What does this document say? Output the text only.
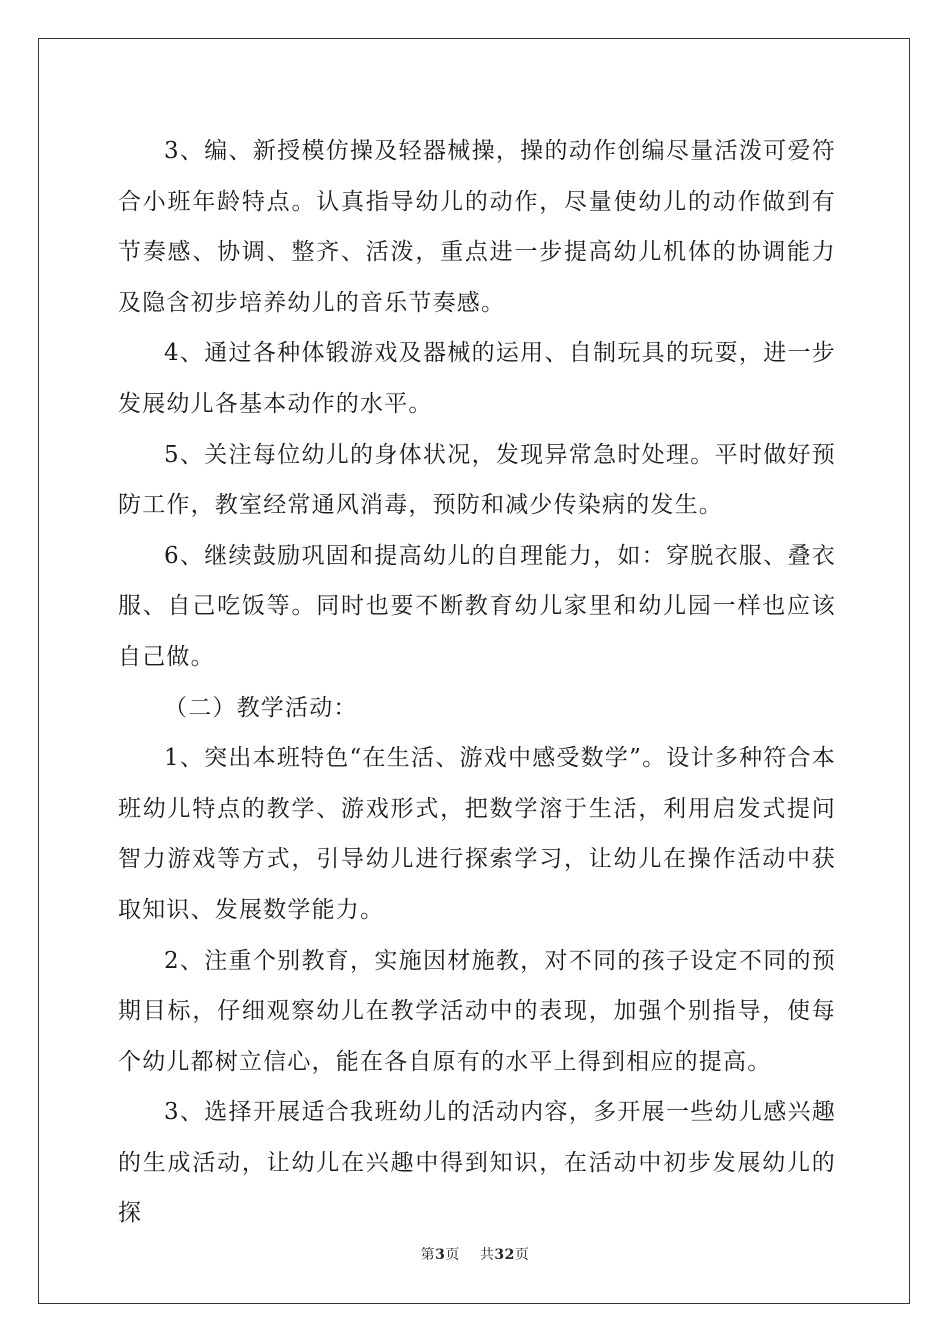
3、编、新授模仿操及轻器械操，操的动作创编尽量活泼可爱符合小班年龄特点。认真指导幼儿的动作，尽量使幼儿的动作做到有节奏感、协调、整齐、活泼，重点进一步提高幼儿机体的协调能力及隐含初步培养幼儿的音乐节奏感。

4、通过各种体锻游戏及器械的运用、自制玩具的玩耍，进一步发展幼儿各基本动作的水平。

5、关注每位幼儿的身体状况，发现异常急时处理。平时做好预防工作，教室经常通风消毒，预防和减少传染病的发生。

6、继续鼓励巩固和提高幼儿的自理能力，如：穿脱衣服、叠衣服、自己吃饭等。同时也要不断教育幼儿家里和幼儿园一样也应该自己做。

（二）教学活动：

1、突出本班特色“在生活、游戏中感受数学”。设计多种符合本班幼儿特点的教学、游戏形式，把数学溶于生活，利用启发式提问智力游戏等方式，引导幼儿进行探索学习，让幼儿在操作活动中获取知识、发展数学能力。

2、注重个别教育，实施因材施教，对不同的孩子设定不同的预期目标，仔细观察幼儿在教学活动中的表现，加强个别指导，使每个幼儿都树立信心，能在各自原有的水平上得到相应的提高。

3、选择开展适合我班幼儿的活动内容，多开展一些幼儿感兴趣的生成活动，让幼儿在兴趣中得到知识，在活动中初步发展幼儿的探

第3页 共32页
